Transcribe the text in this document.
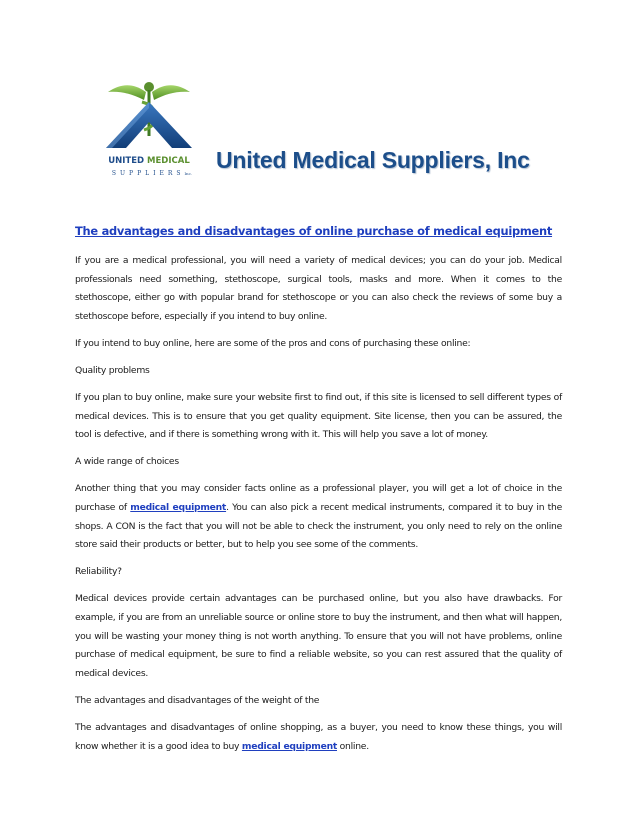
UNITED MEDICAL
SUPPLIERSInc.
United Medical Suppliers, Inc
The advantages and disadvantages of online purchase of medical equipment

If you are a medical professional, you will need a variety of medical devices; you can do your job. Medical professionals need something, stethoscope, surgical tools, masks and more. When it comes to the stethoscope, either go with popular brand for stethoscope or you can also check the reviews of some buy a stethoscope before, especially if you intend to buy online.

If you intend to buy online, here are some of the pros and cons of purchasing these online:

Quality problems

If you plan to buy online, make sure your website first to find out, if this site is licensed to sell different types of medical devices. This is to ensure that you get quality equipment. Site license, then you can be assured, the tool is defective, and if there is something wrong with it. This will help you save a lot of money.

A wide range of choices

Another thing that you may consider facts online as a professional player, you will get a lot of choice in the purchase of medical equipment. You can also pick a recent medical instruments, compared it to buy in the shops. A CON is the fact that you will not be able to check the instrument, you only need to rely on the online store said their products or better, but to help you see some of the comments.

Reliability?

Medical devices provide certain advantages can be purchased online, but you also have drawbacks. For example, if you are from an unreliable source or online store to buy the instrument, and then what will happen, you will be wasting your money thing is not worth anything. To ensure that you will not have problems, online purchase of medical equipment, be sure to find a reliable website, so you can rest assured that the quality of medical devices.

The advantages and disadvantages of the weight of the

The advantages and disadvantages of online shopping, as a buyer, you need to know these things, you will know whether it is a good idea to buy medical equipment online.
